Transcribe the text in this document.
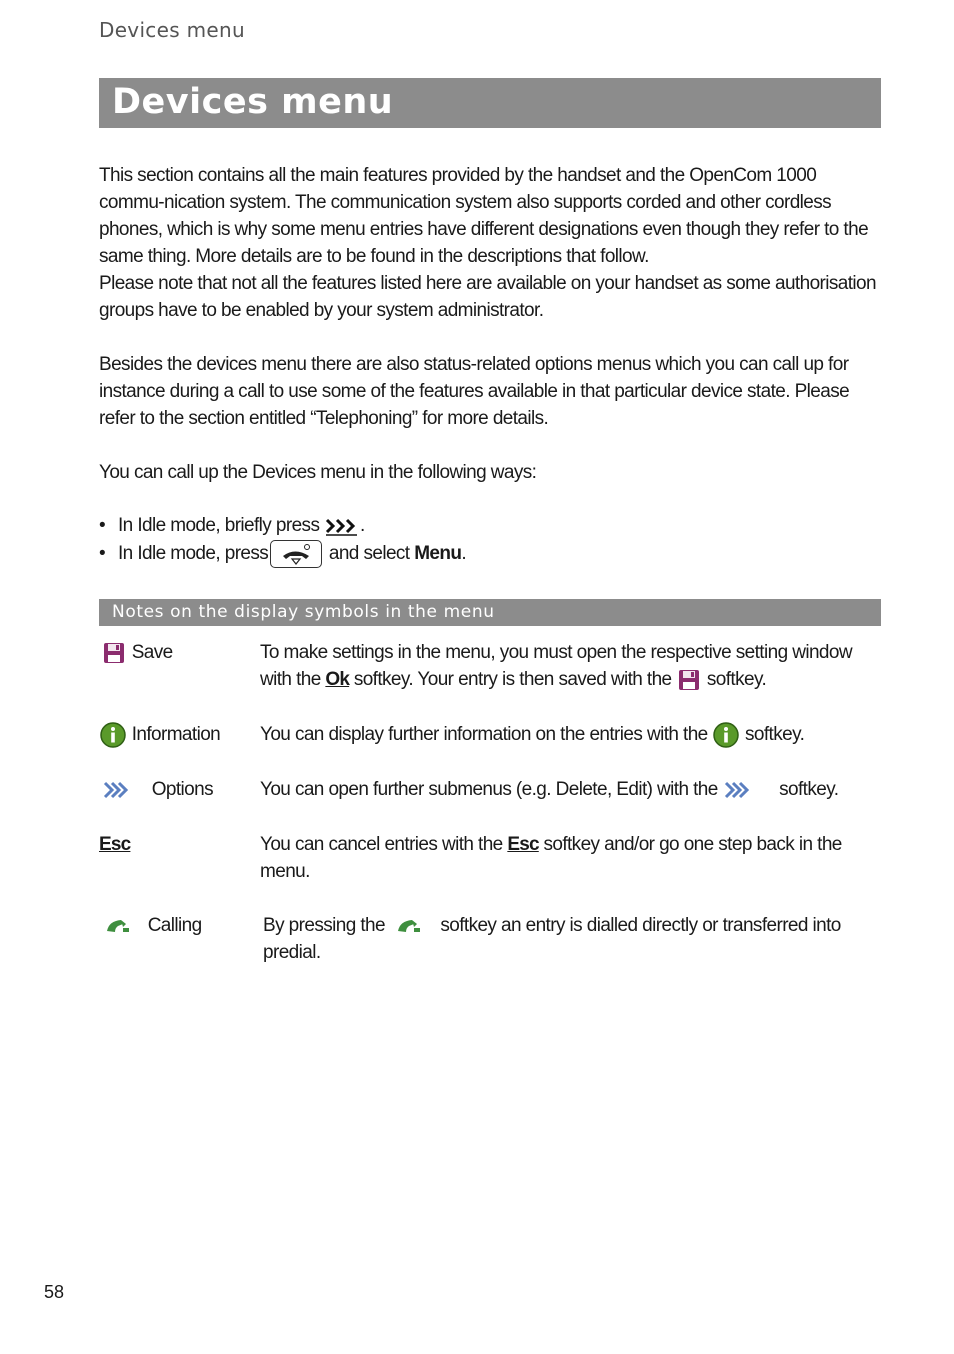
Devices menu
Devices menu

This section contains all the main features provided by the handset and the OpenCom 1000 commu-nication system. The communication system also supports corded and other cordless phones, which is why some menu entries have different designations even though they refer to the same thing. More details are to be found in the descriptions that follow.

Please note that not all the features listed here are available on your handset as some authorisation groups have to be enabled by your system administrator.

Besides the devices menu there are also status-related options menus which you can call up for instance during a call to use some of the features available in that particular device state. Please refer to the section entitled “Telephoning” for more details.

You can call up the Devices menu in the following ways:

• In Idle mode, briefly press .
• In Idle mode, press	and select Menu.
Notes on the display symbols in the menu
Save	To make settings in the menu, you must open the respective setting window with the Ok softkey. Your entry is then saved with the softkey.
Information	You can display further information on the entries with the softkey.
Options	You can open further submenus (e.g. Delete, Edit) with the	softkey.
Esc	You can cancel entries with the Esc softkey and/or go one step back in the menu.
Calling	By pressing the	softkey an entry is dialled directly or transferred into predial.
58
